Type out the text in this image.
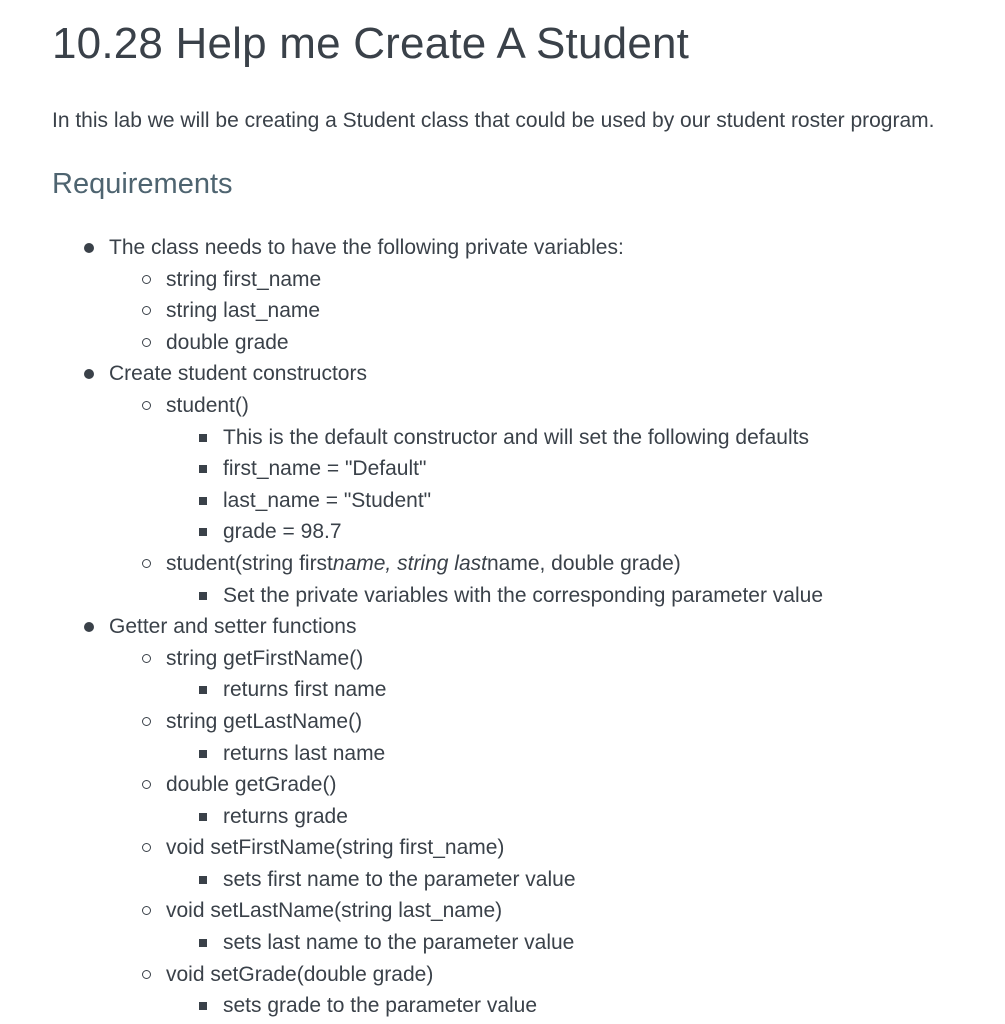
10.28 Help me Create A Student

In this lab we will be creating a Student class that could be used by our student roster program.

Requirements
The class needs to have the following private variables:
string first_name
string last_name
double grade
Create student constructors
student()
This is the default constructor and will set the following defaults
first_name = "Default"
last_name = "Student"
grade = 98.7
student(string firstname, string lastname, double grade)
Set the private variables with the corresponding parameter value
Getter and setter functions
string getFirstName()
returns first name
string getLastName()
returns last name
double getGrade()
returns grade
void setFirstName(string first_name)
sets first name to the parameter value
void setLastName(string last_name)
sets last name to the parameter value
void setGrade(double grade)
sets grade to the parameter value
